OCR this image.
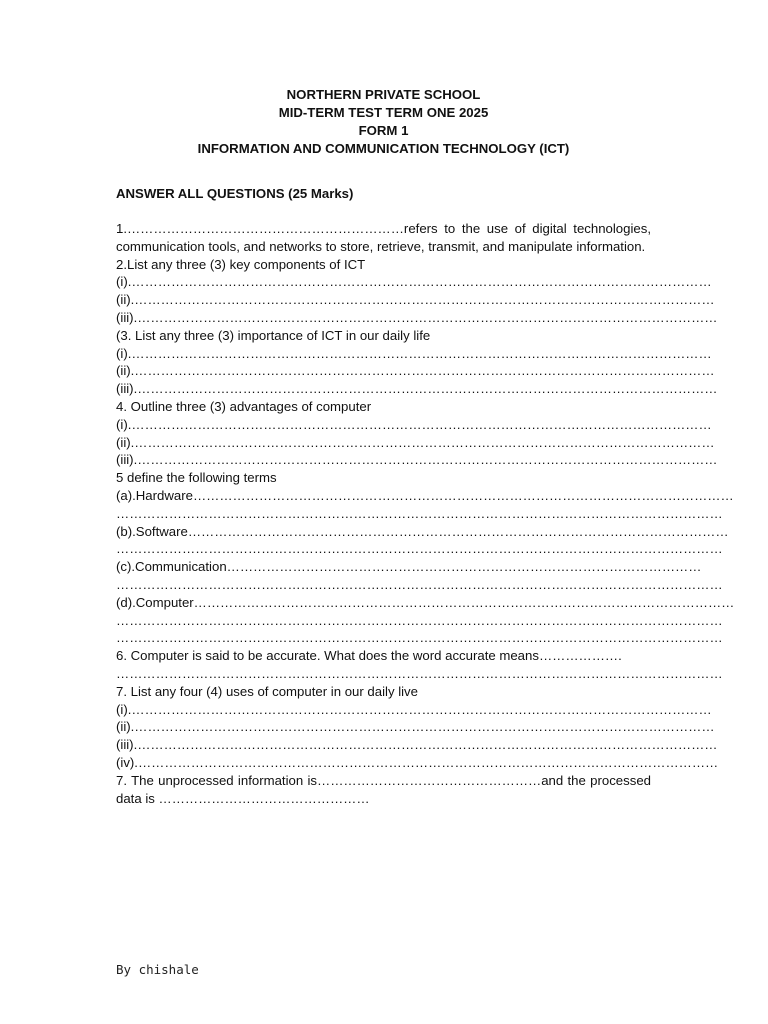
NORTHERN PRIVATE SCHOOL
MID-TERM TEST TERM ONE 2025
FORM 1
INFORMATION AND COMMUNICATION TECHNOLOGY (ICT)
ANSWER ALL QUESTIONS (25 Marks)
1.………………………………………………………refers to the use of digital technologies, communication tools, and networks to store, retrieve, transmit, and manipulate information.
2.List any three (3) key components of ICT
(i).……………………………………………………………………………………………………………………
(ii).……………………………………………………………………………………………………………………
(iii).……………………………………………………………………………………………………………………
(3. List any three (3) importance of ICT in our daily life
(i).……………………………………………………………………………………………………………………
(ii).……………………………………………………………………………………………………………………
(iii).……………………………………………………………………………………………………………………
4. Outline three (3) advantages of computer
(i).……………………………………………………………………………………………………………………
(ii).……………………………………………………………………………………………………………………
(iii).……………………………………………………………………………………………………………………
5 define the following terms
(a).Hardware……………………………………………………………………………………………………………
…………………………………………………………………………………………………………………………
(b).Software……………………………………………………………………………………………………………
…………………………………………………………………………………………………………………………
(c).Communication………………………………………………………………………………………………
…………………………………………………………………………………………………………………………
(d).Computer……………………………………………………………………………………………………………
…………………………………………………………………………………………………………………………
…………………………………………………………………………………………………………………………
6. Computer is said to be accurate. What does the word accurate means……………….
…………………………………………………………………………………………………………………………
7. List any four (4) uses of computer in our daily live
(i).……………………………………………………………………………………………………………………
(ii).……………………………………………………………………………………………………………………
(iii).……………………………………………………………………………………………………………………
(iv).……………………………………………………………………………………………………………………
7. The unprocessed information is……………………………………………and the processed data is …………………………………………
By chishale
